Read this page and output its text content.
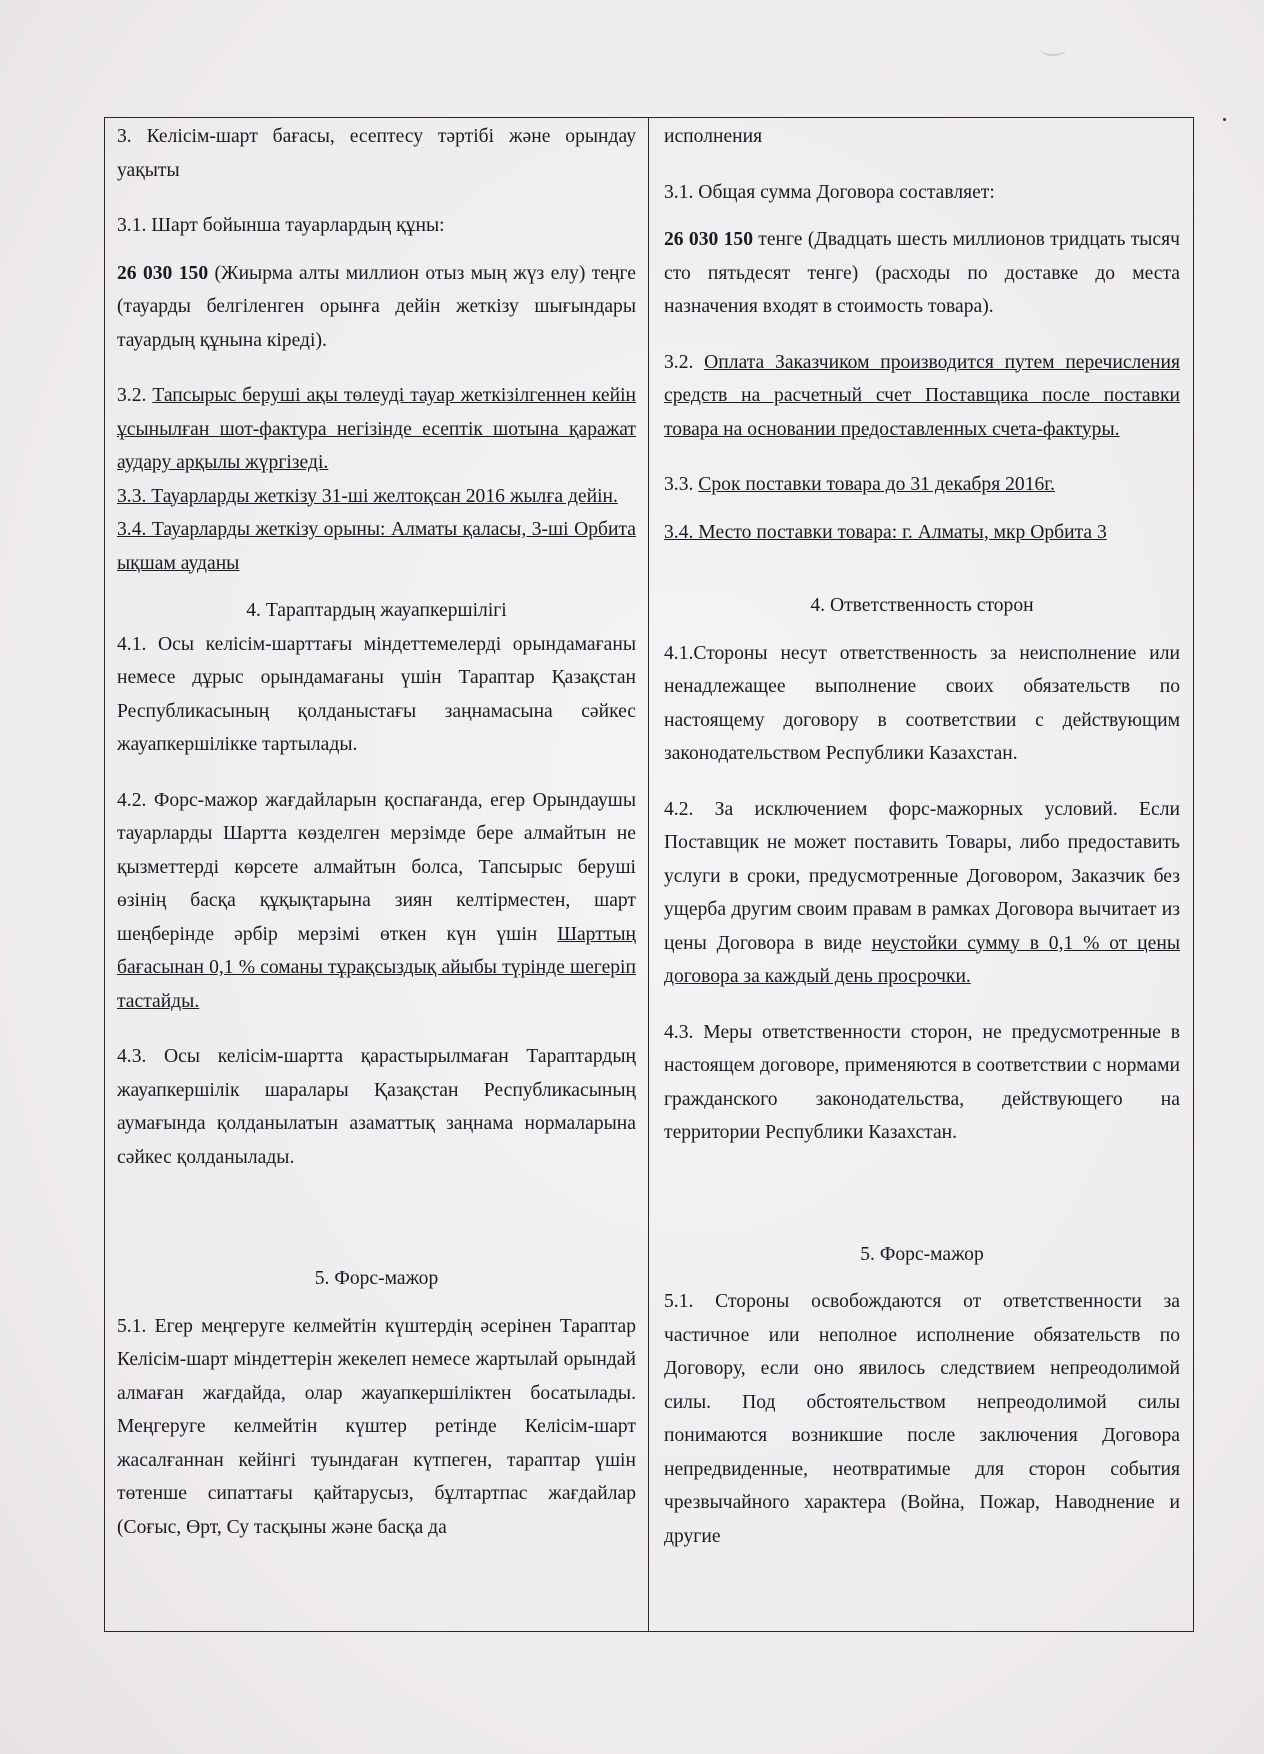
3. Келісім-шарт бағасы, есептесу тәртібі және орындау уақыты

3.1. Шарт бойынша тауарлардың құны:

26 030 150 (Жиырма алты миллион отыз мың жүз елу) теңге (тауарды белгіленген орынға дейін жеткізу шығындары тауардың құнына кіреді).

3.2. Тапсырыс беруші ақы төлеуді тауар жеткізілгеннен кейін ұсынылған шот-фактура негізінде есептік шотына қаражат аудару арқылы жүргізеді.

3.3. Тауарларды жеткізу 31-ші желтоқсан 2016 жылға дейін.

3.4. Тауарларды жеткізу орыны: Алматы қаласы, 3-ші Орбита ықшам ауданы

4. Тараптардың жауапкершілігі

4.1. Осы келісім-шарттағы міндеттемелерді орындамағаны немесе дұрыс орындамағаны үшін Тараптар Қазақстан Республикасының қолданыстағы заңнамасына сәйкес жауапкершілікке тартылады.

4.2. Форс-мажор жағдайларын қоспағанда, егер Орындаушы тауарларды Шартта көзделген мерзімде бере алмайтын не қызметтерді көрсете алмайтын болса, Тапсырыс беруші өзінің басқа құқықтарына зиян келтірместен, шарт шеңберінде әрбір мерзімі өткен күн үшін Шарттың бағасынан 0,1 % соманы тұрақсыздық айыбы түрінде шегеріп тастайды.

4.3. Осы келісім-шартта қарастырылмаған Тараптардың жауапкершілік шаралары Қазақстан Республикасының аумағында қолданылатын азаматтық заңнама нормаларына сәйкес қолданылады.

5. Форс-мажор

5.1. Егер меңгеруге келмейтін күштердің әсерінен Тараптар Келісім-шарт міндеттерін жекелеп немесе жартылай орындай алмаған жағдайда, олар жауапкершіліктен босатылады. Меңгеруге келмейтін күштер ретінде Келісім-шарт жасалғаннан кейінгі туындаған күтпеген, тараптар үшін төтенше сипаттағы қайтарусыз, бұлтартпас жағдайлар (Соғыс, Өрт, Су тасқыны және басқа да

исполнения

3.1. Общая сумма Договора составляет:

26 030 150 тенге (Двадцать шесть миллионов тридцать тысяч сто пятьдесят тенге) (расходы по доставке до места назначения входят в стоимость товара).

3.2. Оплата Заказчиком производится путем перечисления средств на расчетный счет Поставщика после поставки товара на основании предоставленных счета-фактуры.

3.3. Срок поставки товара до 31 декабря 2016г.

3.4. Место поставки товара: г. Алматы, мкр Орбита 3

4. Ответственность сторон

4.1.Стороны несут ответственность за неисполнение или ненадлежащее выполнение своих обязательств по настоящему договору в соответствии с действующим законодательством Республики Казахстан.

4.2. За исключением форс-мажорных условий. Если Поставщик не может поставить Товары, либо предоставить услуги в сроки, предусмотренные Договором, Заказчик без ущерба другим своим правам в рамках Договора вычитает из цены Договора в виде неустойки сумму в 0,1 % от цены договора за каждый день просрочки.

4.3. Меры ответственности сторон, не предусмотренные в настоящем договоре, применяются в соответствии с нормами гражданского законодательства, действующего на территории Республики Казахстан.

5. Форс-мажор

5.1. Стороны освобождаются от ответственности за частичное или неполное исполнение обязательств по Договору, если оно явилось следствием непреодолимой силы. Под обстоятельством непреодолимой силы понимаются возникшие после заключения Договора непредвиденные, неотвратимые для сторон события чрезвычайного характера (Война, Пожар, Наводнение и другие
